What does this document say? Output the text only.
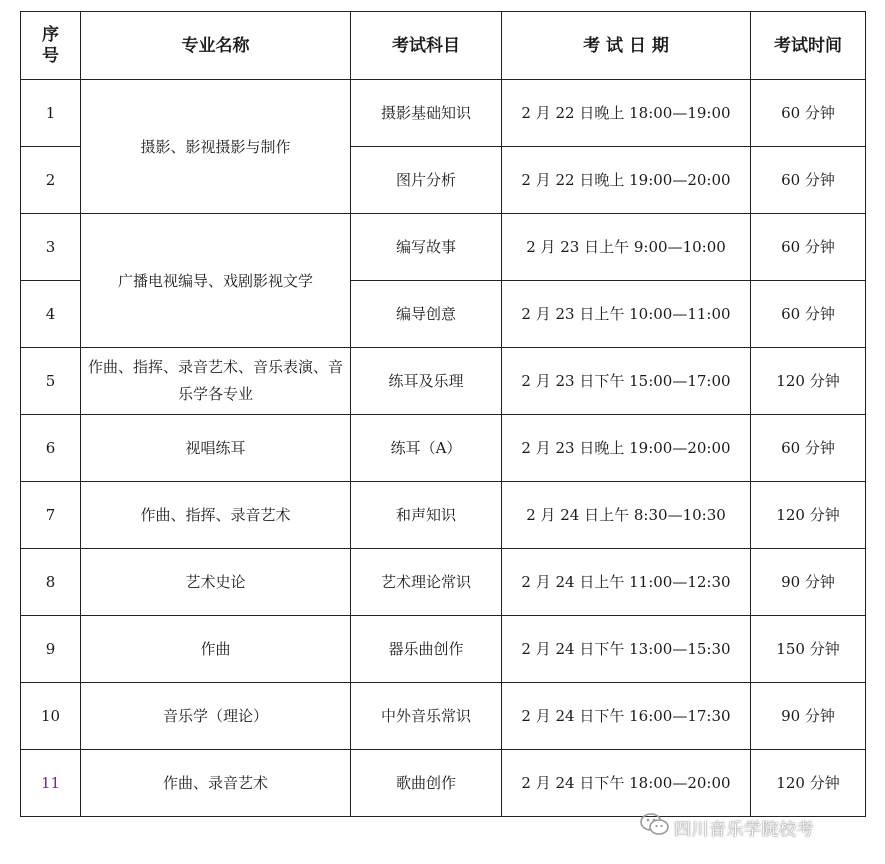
序号	专业名称	考试科目	考 试 日 期	考试时间
1	摄影、影视摄影与制作	摄影基础知识	2 月 22 日晚上 18:00—19:00	60 分钟
2		图片分析	2 月 22 日晚上 19:00—20:00	60 分钟
3	广播电视编导、戏剧影视文学	编写故事	2 月 23 日上午 9:00—10:00	60 分钟
4		编导创意	2 月 23 日上午 10:00—11:00	60 分钟
5	作曲、指挥、录音艺术、音乐表演、音乐学各专业	练耳及乐理	2 月 23 日下午 15:00—17:00	120 分钟
6	视唱练耳	练耳（A）	2 月 23 日晚上 19:00—20:00	60 分钟
7	作曲、指挥、录音艺术	和声知识	2 月 24 日上午 8:30—10:30	120 分钟
8	艺术史论	艺术理论常识	2 月 24 日上午 11:00—12:30	90 分钟
9	作曲	器乐曲创作	2 月 24 日下午 13:00—15:30	150 分钟
10	音乐学（理论）	中外音乐常识	2 月 24 日下午 16:00—17:30	90 分钟
11	作曲、录音艺术	歌曲创作	2 月 24 日下午 18:00—20:00	120 分钟
四川音乐学院校考
